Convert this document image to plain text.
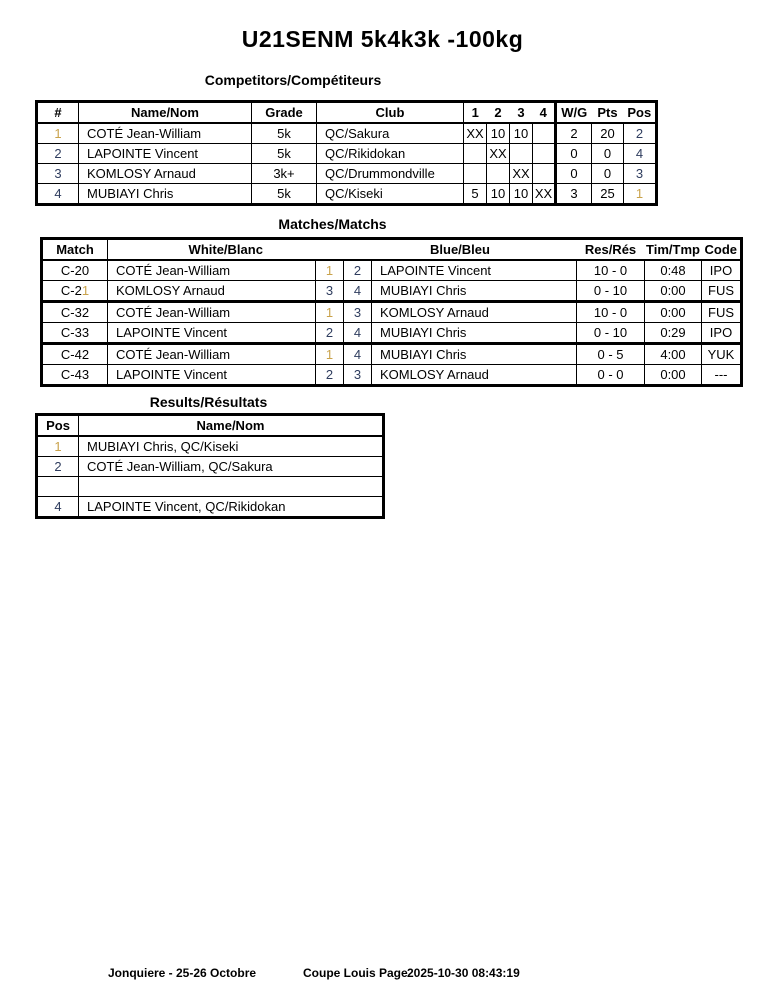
U21SENM 5k4k3k -100kg
Competitors/Compétiteurs
#	Name/Nom	Grade	Club	1	2	3	4	W/G	Pts	Pos
1	COTÉ Jean-William	5k	QC/Sakura	XX	10	10		2	20	2
2	LAPOINTE Vincent	5k	QC/Rikidokan		XX			0	0	4
3	KOMLOSY Arnaud	3k+	QC/Drummondville			XX		0	0	3
4	MUBIAYI Chris	5k	QC/Kiseki	5	10	10	XX	3	25	1
Matches/Matchs
Match	White/Blanc		Blue/Bleu		Res/Rés	Tim/Tmp	Code
C-20	COTÉ Jean-William	1	2	LAPOINTE Vincent	10 - 0	0:48	IPO
C-21	KOMLOSY Arnaud	3	4	MUBIAYI Chris	0 - 10	0:00	FUS
C-32	COTÉ Jean-William	1	3	KOMLOSY Arnaud	10 - 0	0:00	FUS
C-33	LAPOINTE Vincent	2	4	MUBIAYI Chris	0 - 10	0:29	IPO
C-42	COTÉ Jean-William	1	4	MUBIAYI Chris	0 - 5	4:00	YUK
C-43	LAPOINTE Vincent	2	3	KOMLOSY Arnaud	0 - 0	0:00	---
Results/Résultats
Pos	Name/Nom
1	MUBIAYI Chris, QC/Kiseki
2	COTÉ Jean-William, QC/Sakura

4	LAPOINTE Vincent, QC/Rikidokan
Jonquiere - 25-26 Octobre	Coupe Louis Page 2025-10-30 08:43:19
